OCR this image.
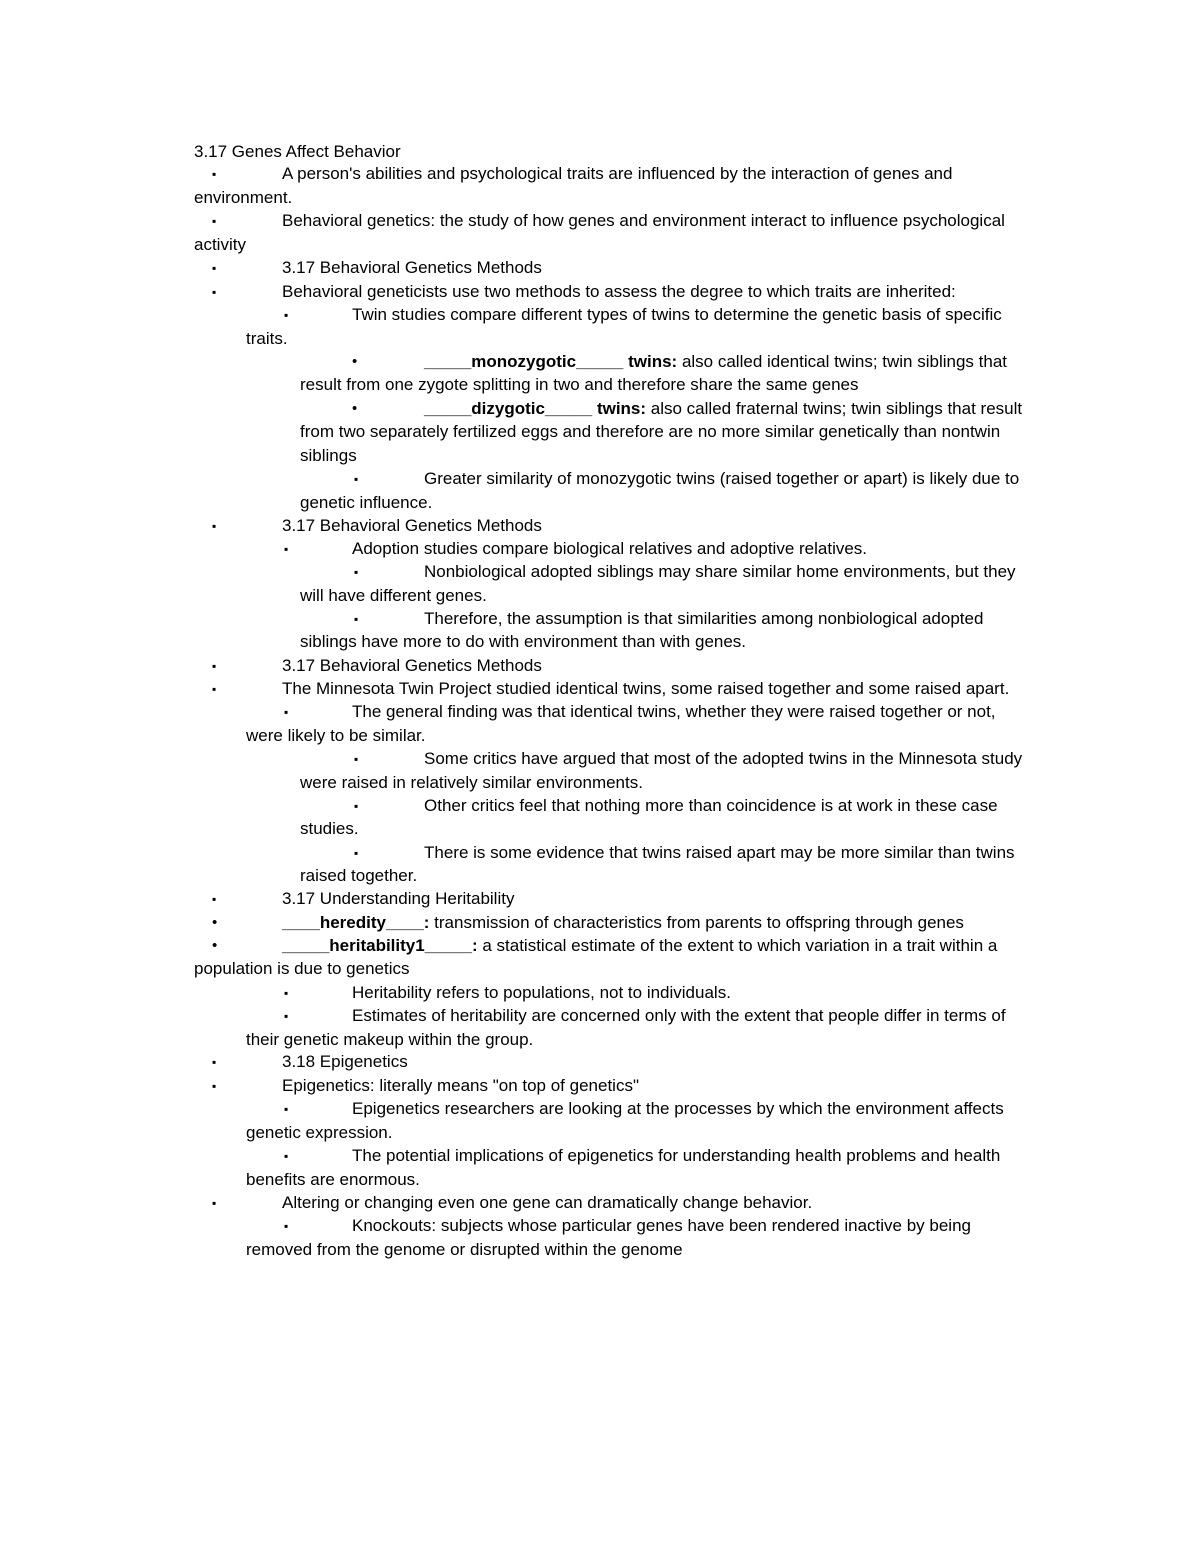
3.17 Genes Affect Behavior
▪	A person's abilities and psychological traits are influenced by the interaction of genes and
environment.
▪	Behavioral genetics: the study of how genes and environment interact to influence psychological
activity
▪	3.17 Behavioral Genetics Methods
▪	Behavioral geneticists use two methods to assess the degree to which traits are inherited:
▪	Twin studies compare different types of twins to determine the genetic basis of specific
traits.
•	_____monozygotic_____ twins: also called identical twins; twin siblings that
result from one zygote splitting in two and therefore share the same genes
•	_____dizygotic_____ twins: also called fraternal twins; twin siblings that result
from two separately fertilized eggs and therefore are no more similar genetically than nontwin
siblings
▪	Greater similarity of monozygotic twins (raised together or apart) is likely due to
genetic influence.
▪	3.17 Behavioral Genetics Methods
▪	Adoption studies compare biological relatives and adoptive relatives.
▪	Nonbiological adopted siblings may share similar home environments, but they
will have different genes.
▪	Therefore, the assumption is that similarities among nonbiological adopted
siblings have more to do with environment than with genes.
▪	3.17 Behavioral Genetics Methods
▪	The Minnesota Twin Project studied identical twins, some raised together and some raised apart.
▪	The general finding was that identical twins, whether they were raised together or not,
were likely to be similar.
▪	Some critics have argued that most of the adopted twins in the Minnesota study
were raised in relatively similar environments.
▪	Other critics feel that nothing more than coincidence is at work in these case
studies.
▪	There is some evidence that twins raised apart may be more similar than twins
raised together.
▪	3.17 Understanding Heritability
•	____heredity____: transmission of characteristics from parents to offspring through genes
•	_____heritability1_____: a statistical estimate of the extent to which variation in a trait within a
population is due to genetics
▪	Heritability refers to populations, not to individuals.
▪	Estimates of heritability are concerned only with the extent that people differ in terms of
their genetic makeup within the group.
▪	3.18 Epigenetics
▪	Epigenetics: literally means "on top of genetics"
▪	Epigenetics researchers are looking at the processes by which the environment affects
genetic expression.
▪	The potential implications of epigenetics for understanding health problems and health
benefits are enormous.
▪	Altering or changing even one gene can dramatically change behavior.
▪	Knockouts: subjects whose particular genes have been rendered inactive by being
removed from the genome or disrupted within the genome
